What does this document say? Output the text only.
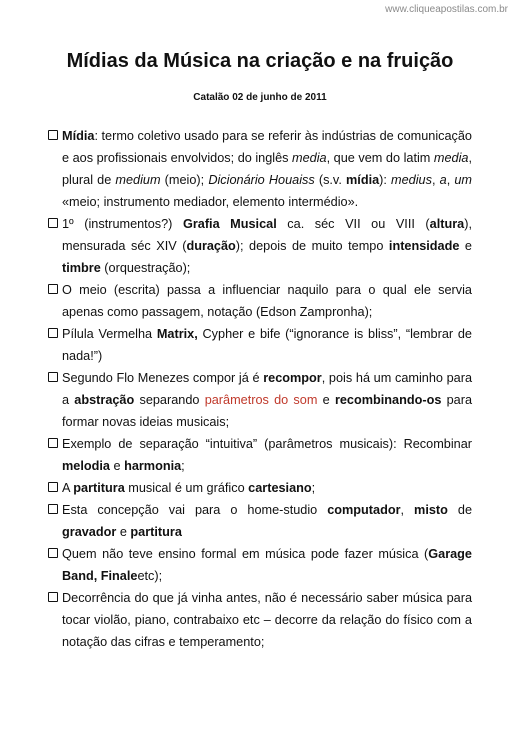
www.cliqueapostilas.com.br
Mídias da Música na criação e na fruição
Catalão 02 de junho de 2011
Mídia: termo coletivo usado para se referir às indústrias de comunicação e aos profissionais envolvidos; do inglês media, que vem do latim media, plural de medium (meio); Dicionário Houaiss (s.v. mídia): medius, a, um «meio; instrumento mediador, elemento intermédio».
1º (instrumentos?) Grafia Musical ca. séc VII ou VIII (altura), mensurada séc XIV (duração); depois de muito tempo intensidade e timbre (orquestração);
O meio (escrita) passa a influenciar naquilo para o qual ele servia apenas como passagem, notação (Edson Zampronha);
Pílula Vermelha Matrix, Cypher e bife (“ignorance is bliss”, “lembrar de nada!”)
Segundo Flo Menezes compor já é recompor, pois há um caminho para a abstração separando parâmetros do som e recombinando-os para formar novas ideias musicais;
Exemplo de separação “intuitiva” (parâmetros musicais): Recombinar melodia e harmonia;
A partitura musical é um gráfico cartesiano;
Esta concepção vai para o home-studio computador, misto de gravador e partitura
Quem não teve ensino formal em música pode fazer música (Garage Band, Finaleetc);
Decorrência do que já vinha antes, não é necessário saber música para tocar violão, piano, contrabaixo etc – decorre da relação do físico com a notação das cifras e temperamento;
